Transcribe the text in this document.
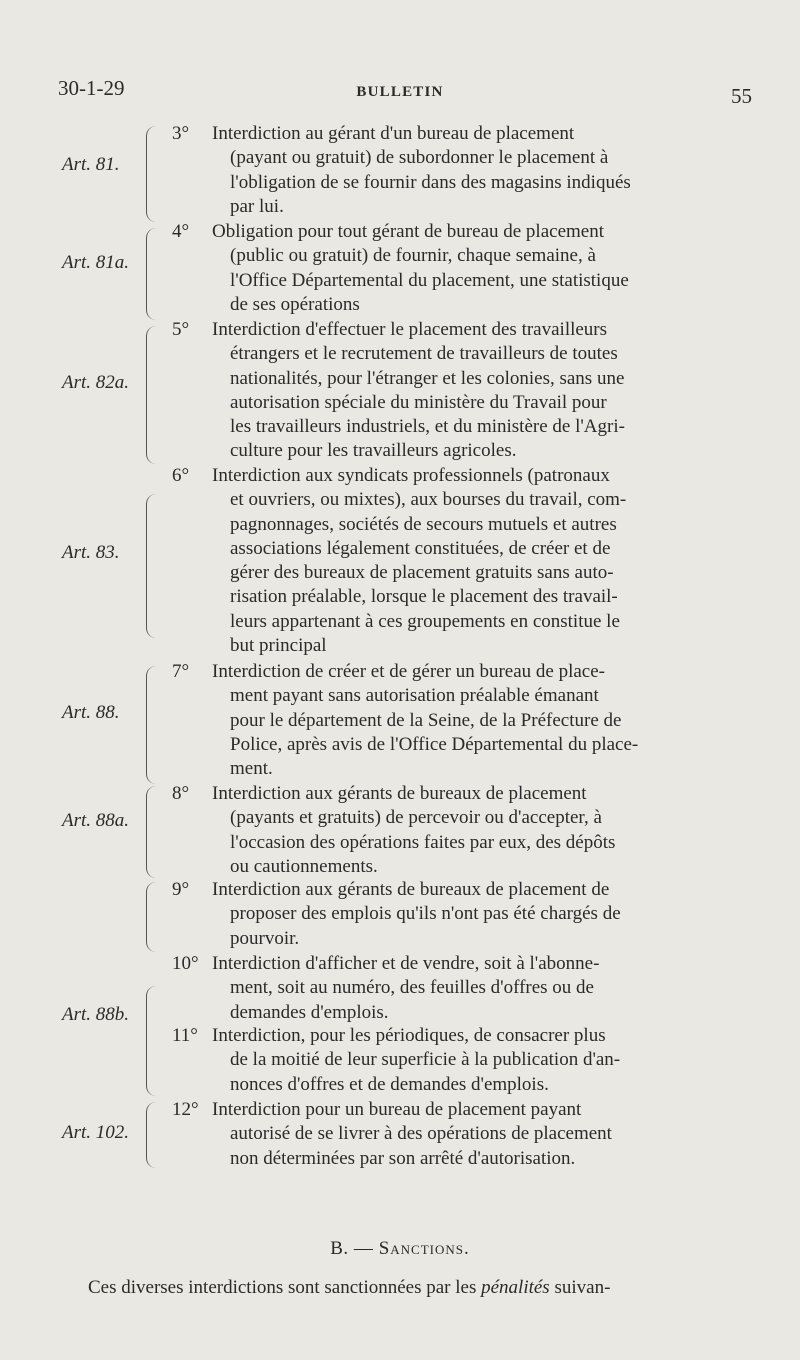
30-1-29	BULLETIN	55
Art. 81.
3° Interdiction au gérant d'un bureau de placement
(payant ou gratuit) de subordonner le placement à
l'obligation de se fournir dans des magasins indiqués
par lui.
Art. 81a.
4° Obligation pour tout gérant de bureau de placement
(public ou gratuit) de fournir, chaque semaine, à
l'Office Départemental du placement, une statistique
de ses opérations
Art. 82a.
5° Interdiction d'effectuer le placement des travailleurs
étrangers et le recrutement de travailleurs de toutes
nationalités, pour l'étranger et les colonies, sans une
autorisation spéciale du ministère du Travail pour
les travailleurs industriels, et du ministère de l'Agri-
culture pour les travailleurs agricoles.
Art. 83.
6° Interdiction aux syndicats professionnels (patronaux
et ouvriers, ou mixtes), aux bourses du travail, com-
pagnonnages, sociétés de secours mutuels et autres
associations légalement constituées, de créer et de
gérer des bureaux de placement gratuits sans auto-
risation préalable, lorsque le placement des travail-
leurs appartenant à ces groupements en constitue le
but principal
Art. 88.
7° Interdiction de créer et de gérer un bureau de place-
ment payant sans autorisation préalable émanant
pour le département de la Seine, de la Préfecture de
Police, après avis de l'Office Départemental du place-
ment.
Art. 88a.
8° Interdiction aux gérants de bureaux de placement
(payants et gratuits) de percevoir ou d'accepter, à
l'occasion des opérations faites par eux, des dépôts
ou cautionnements.
9° Interdiction aux gérants de bureaux de placement de
proposer des emplois qu'ils n'ont pas été chargés de
pourvoir.
Art. 88b.
10° Interdiction d'afficher et de vendre, soit à l'abonne-
ment, soit au numéro, des feuilles d'offres ou de
demandes d'emplois.
11° Interdiction, pour les périodiques, de consacrer plus
de la moitié de leur superficie à la publication d'an-
nonces d'offres et de demandes d'emplois.
Art. 102.
12° Interdiction pour un bureau de placement payant
autorisé de se livrer à des opérations de placement
non déterminées par son arrêté d'autorisation.
B. — Sanctions.
Ces diverses interdictions sont sanctionnées par les pénalités suivan-
